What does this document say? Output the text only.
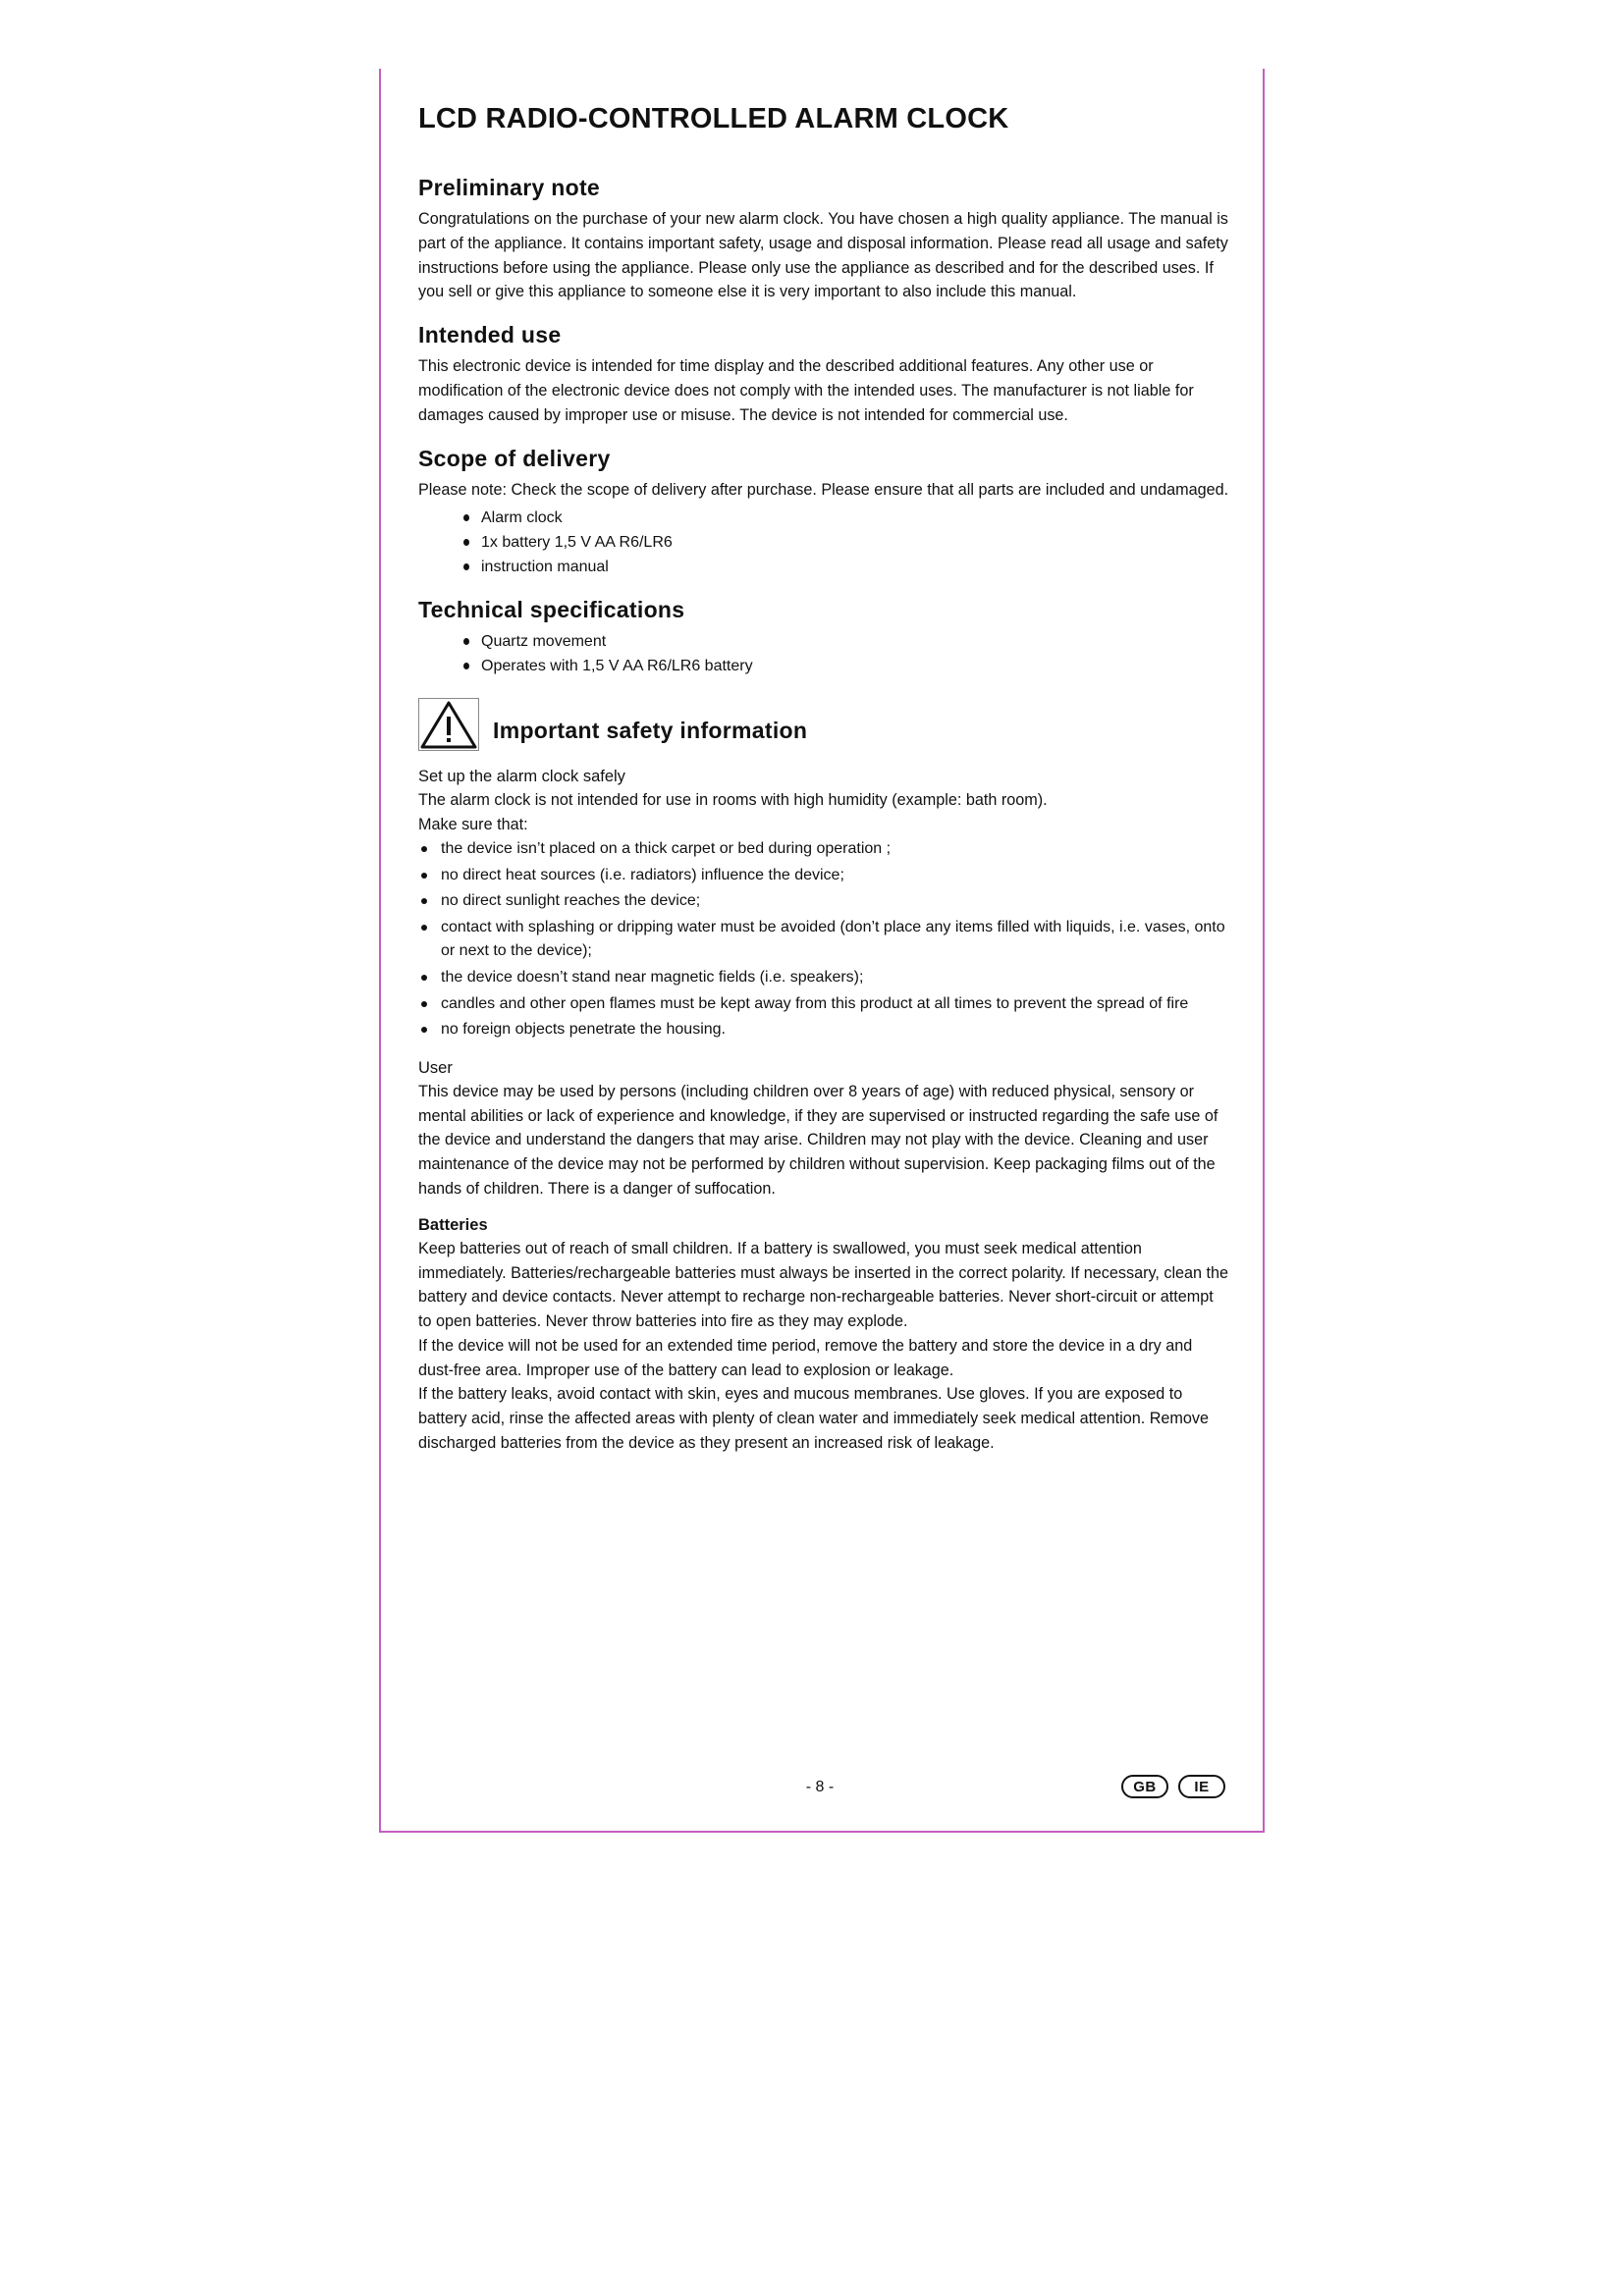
LCD RADIO-CONTROLLED ALARM CLOCK
Preliminary note

Congratulations on the purchase of your new alarm clock. You have chosen a high quality appliance. The manual is part of the appliance. It contains important safety, usage and disposal information. Please read all usage and safety instructions before using the appliance. Please only use the appliance as described and for the described uses. If you sell or give this appliance to someone else it is very important to also include this manual.

Intended use

This electronic device is intended for time display and the described additional features. Any other use or modification of the electronic device does not comply with the intended uses. The manufacturer is not liable for damages caused by improper use or misuse. The device is not intended for commercial use.

Scope of delivery

Please note: Check the scope of delivery after purchase. Please ensure that all parts are included and undamaged.

Alarm clock
1x battery 1,5 V AA R6/LR6
instruction manual
Technical specifications
Quartz movement
Operates with 1,5 V AA R6/LR6 battery
Important safety information

Set up the alarm clock safely

The alarm clock is not intended for use in rooms with high humidity (example: bath room).

Make sure that:

the device isn’t placed on a thick carpet or bed during operation ;
no direct heat sources (i.e. radiators) influence the device;
no direct sunlight reaches the device;
contact with splashing or dripping water must be avoided (don’t place any items filled with liquids, i.e. vases, onto or next to the device);
the device doesn’t stand near magnetic fields (i.e. speakers);
candles and other open flames must be kept away from this product at all times to prevent the spread of fire
no foreign objects penetrate the housing.

User

This device may be used by persons (including children over 8 years of age) with reduced physical, sensory or mental abilities or lack of experience and knowledge, if they are supervised or instructed regarding the safe use of the device and understand the dangers that may arise. Children may not play with the device. Cleaning and user maintenance of the device may not be performed by children without supervision. Keep packaging films out of the hands of children. There is a danger of suffocation.

Batteries

Keep batteries out of reach of small children. If a battery is swallowed, you must seek medical attention immediately. Batteries/rechargeable batteries must always be inserted in the correct polarity. If necessary, clean the battery and device contacts. Never attempt to recharge non-rechargeable batteries. Never short-circuit or attempt to open batteries. Never throw batteries into fire as they may explode.

If the device will not be used for an extended time period, remove the battery and store the device in a dry and dust-free area. Improper use of the battery can lead to explosion or leakage.

If the battery leaks, avoid contact with skin, eyes and mucous membranes. Use gloves. If you are exposed to battery acid, rinse the affected areas with plenty of clean water and immediately seek medical attention. Remove discharged batteries from the device as they present an increased risk of leakage.

- 8 -	GB	IE
